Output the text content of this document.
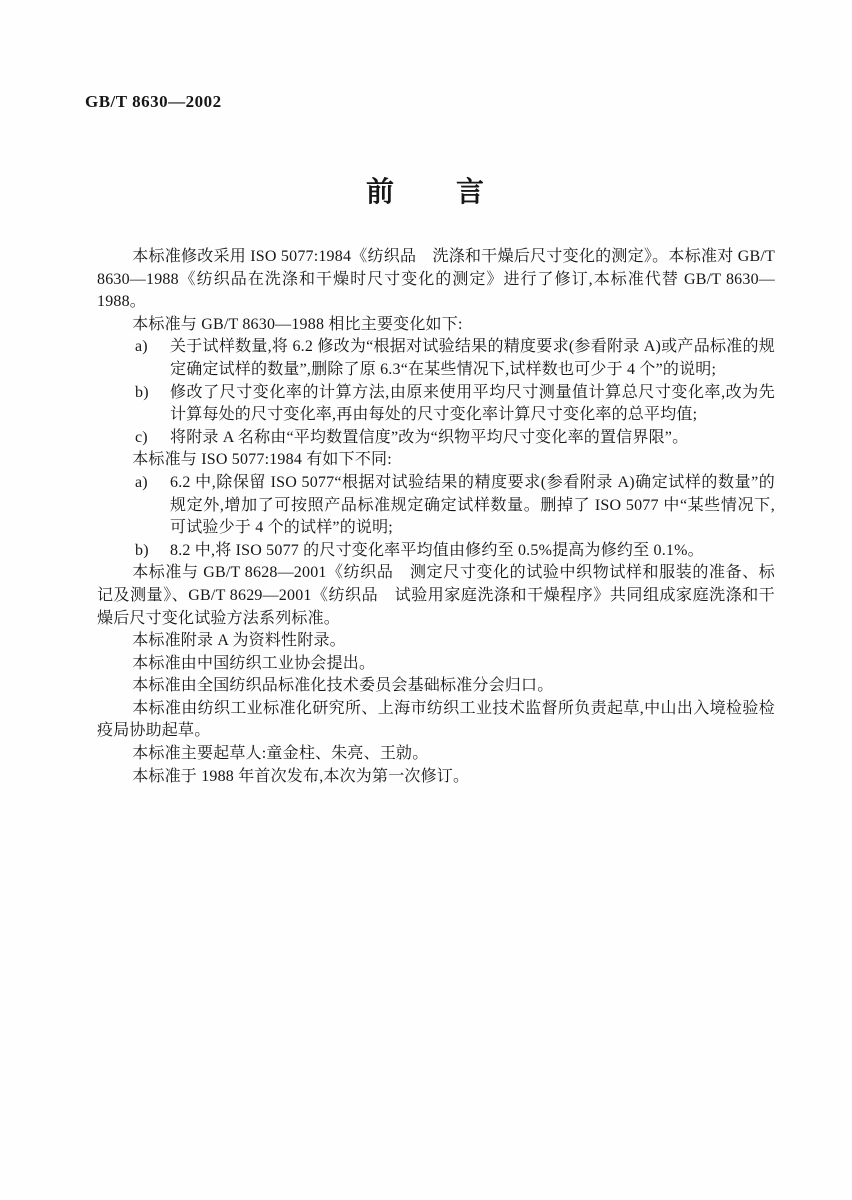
GB/T 8630—2002
前　　言
本标准修改采用 ISO 5077:1984《纺织品　洗涤和干燥后尺寸变化的测定》。本标准对 GB/T 8630—1988《纺织品在洗涤和干燥时尺寸变化的测定》进行了修订,本标准代替 GB/T 8630—1988。
本标准与 GB/T 8630—1988 相比主要变化如下:
a) 关于试样数量,将 6.2 修改为“根据对试验结果的精度要求(参看附录 A)或产品标准的规定确定试样的数量”,删除了原 6.3“在某些情况下,试样数也可少于 4 个”的说明;
b) 修改了尺寸变化率的计算方法,由原来使用平均尺寸测量值计算总尺寸变化率,改为先计算每处的尺寸变化率,再由每处的尺寸变化率计算尺寸变化率的总平均值;
c) 将附录 A 名称由“平均数置信度”改为“织物平均尺寸变化率的置信界限”。
本标准与 ISO 5077:1984 有如下不同:
a) 6.2 中,除保留 ISO 5077“根据对试验结果的精度要求(参看附录 A)确定试样的数量”的规定外,增加了可按照产品标准规定确定试样数量。删掉了 ISO 5077 中“某些情况下,可试验少于 4 个的试样”的说明;
b) 8.2 中,将 ISO 5077 的尺寸变化率平均值由修约至 0.5%提高为修约至 0.1%。
本标准与 GB/T 8628—2001《纺织品　测定尺寸变化的试验中织物试样和服装的准备、标记及测量》、GB/T 8629—2001《纺织品　试验用家庭洗涤和干燥程序》共同组成家庭洗涤和干燥后尺寸变化试验方法系列标准。
本标准附录 A 为资料性附录。
本标准由中国纺织工业协会提出。
本标准由全国纺织品标准化技术委员会基础标准分会归口。
本标准由纺织工业标准化研究所、上海市纺织工业技术监督所负责起草,中山出入境检验检疫局协助起草。
本标准主要起草人:童金柱、朱亮、王勍。
本标准于 1988 年首次发布,本次为第一次修订。
